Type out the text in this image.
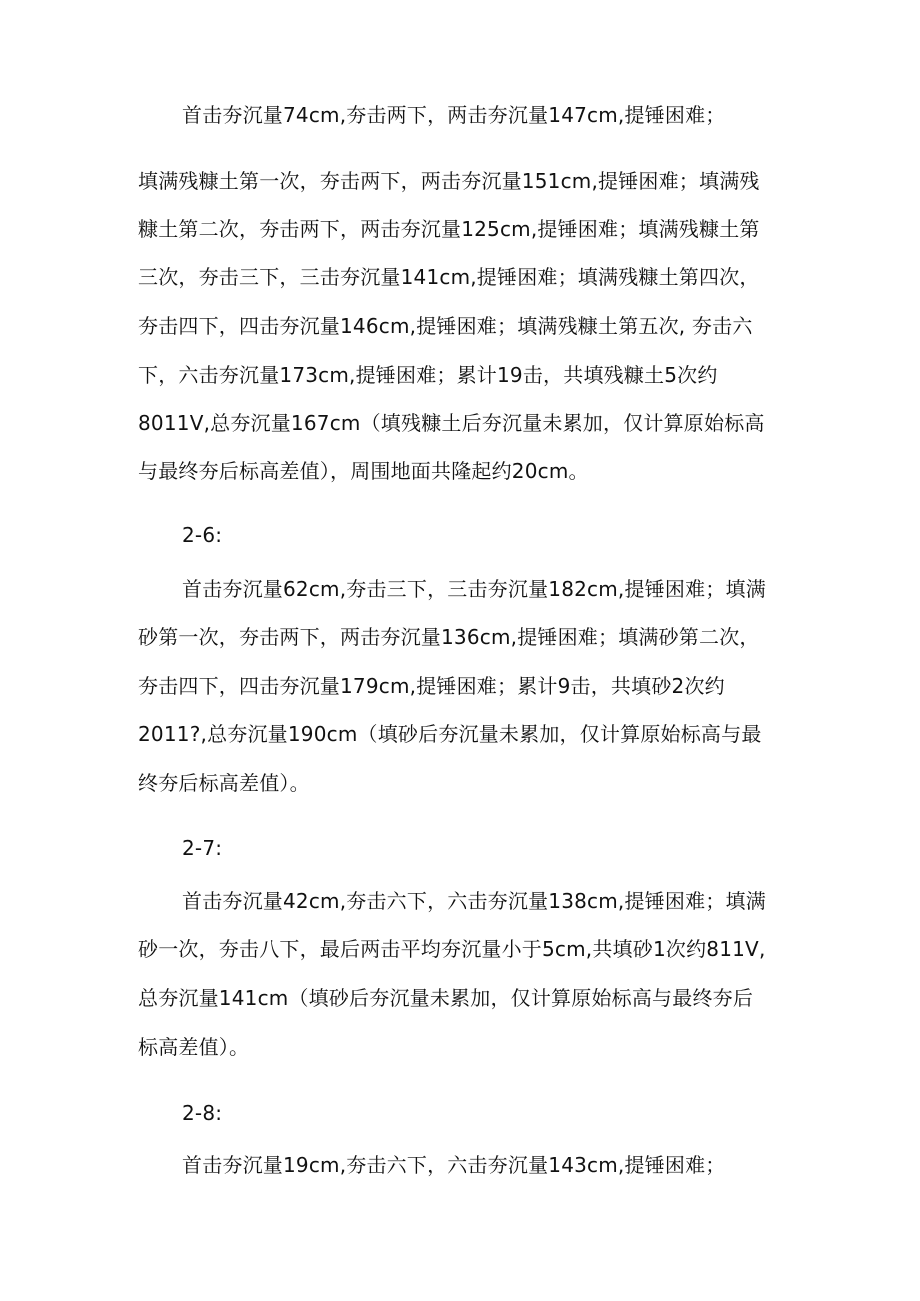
首击夯沉量74cm,夯击两下，两击夯沉量147cm,提锤困难；
填满残糠土第一次，夯击两下，两击夯沉量151cm,提锤困难；填满残
糠土第二次，夯击两下，两击夯沉量125cm,提锤困难；填满残糠土第
三次，夯击三下，三击夯沉量141cm,提锤困难；填满残糠土第四次，
夯击四下，四击夯沉量146cm,提锤困难；填满残糠土第五次, 夯击六
下，六击夯沉量173cm,提锤困难；累计19击，共填残糠土5次约
8011V,总夯沉量167cm（填残糠土后夯沉量未累加，仅计算原始标高
与最终夯后标高差值），周围地面共隆起约20cm。
2-6:
首击夯沉量62cm,夯击三下，三击夯沉量182cm,提锤困难；填满
砂第一次，夯击两下，两击夯沉量136cm,提锤困难；填满砂第二次，
夯击四下，四击夯沉量179cm,提锤困难；累计9击，共填砂2次约
2011?,总夯沉量190cm（填砂后夯沉量未累加，仅计算原始标高与最
终夯后标高差值）。
2-7:
首击夯沉量42cm,夯击六下，六击夯沉量138cm,提锤困难；填满
砂一次，夯击八下，最后两击平均夯沉量小于5cm,共填砂1次约811V,
总夯沉量141cm（填砂后夯沉量未累加，仅计算原始标高与最终夯后
标高差值）。
2-8:
首击夯沉量19cm,夯击六下，六击夯沉量143cm,提锤困难；
